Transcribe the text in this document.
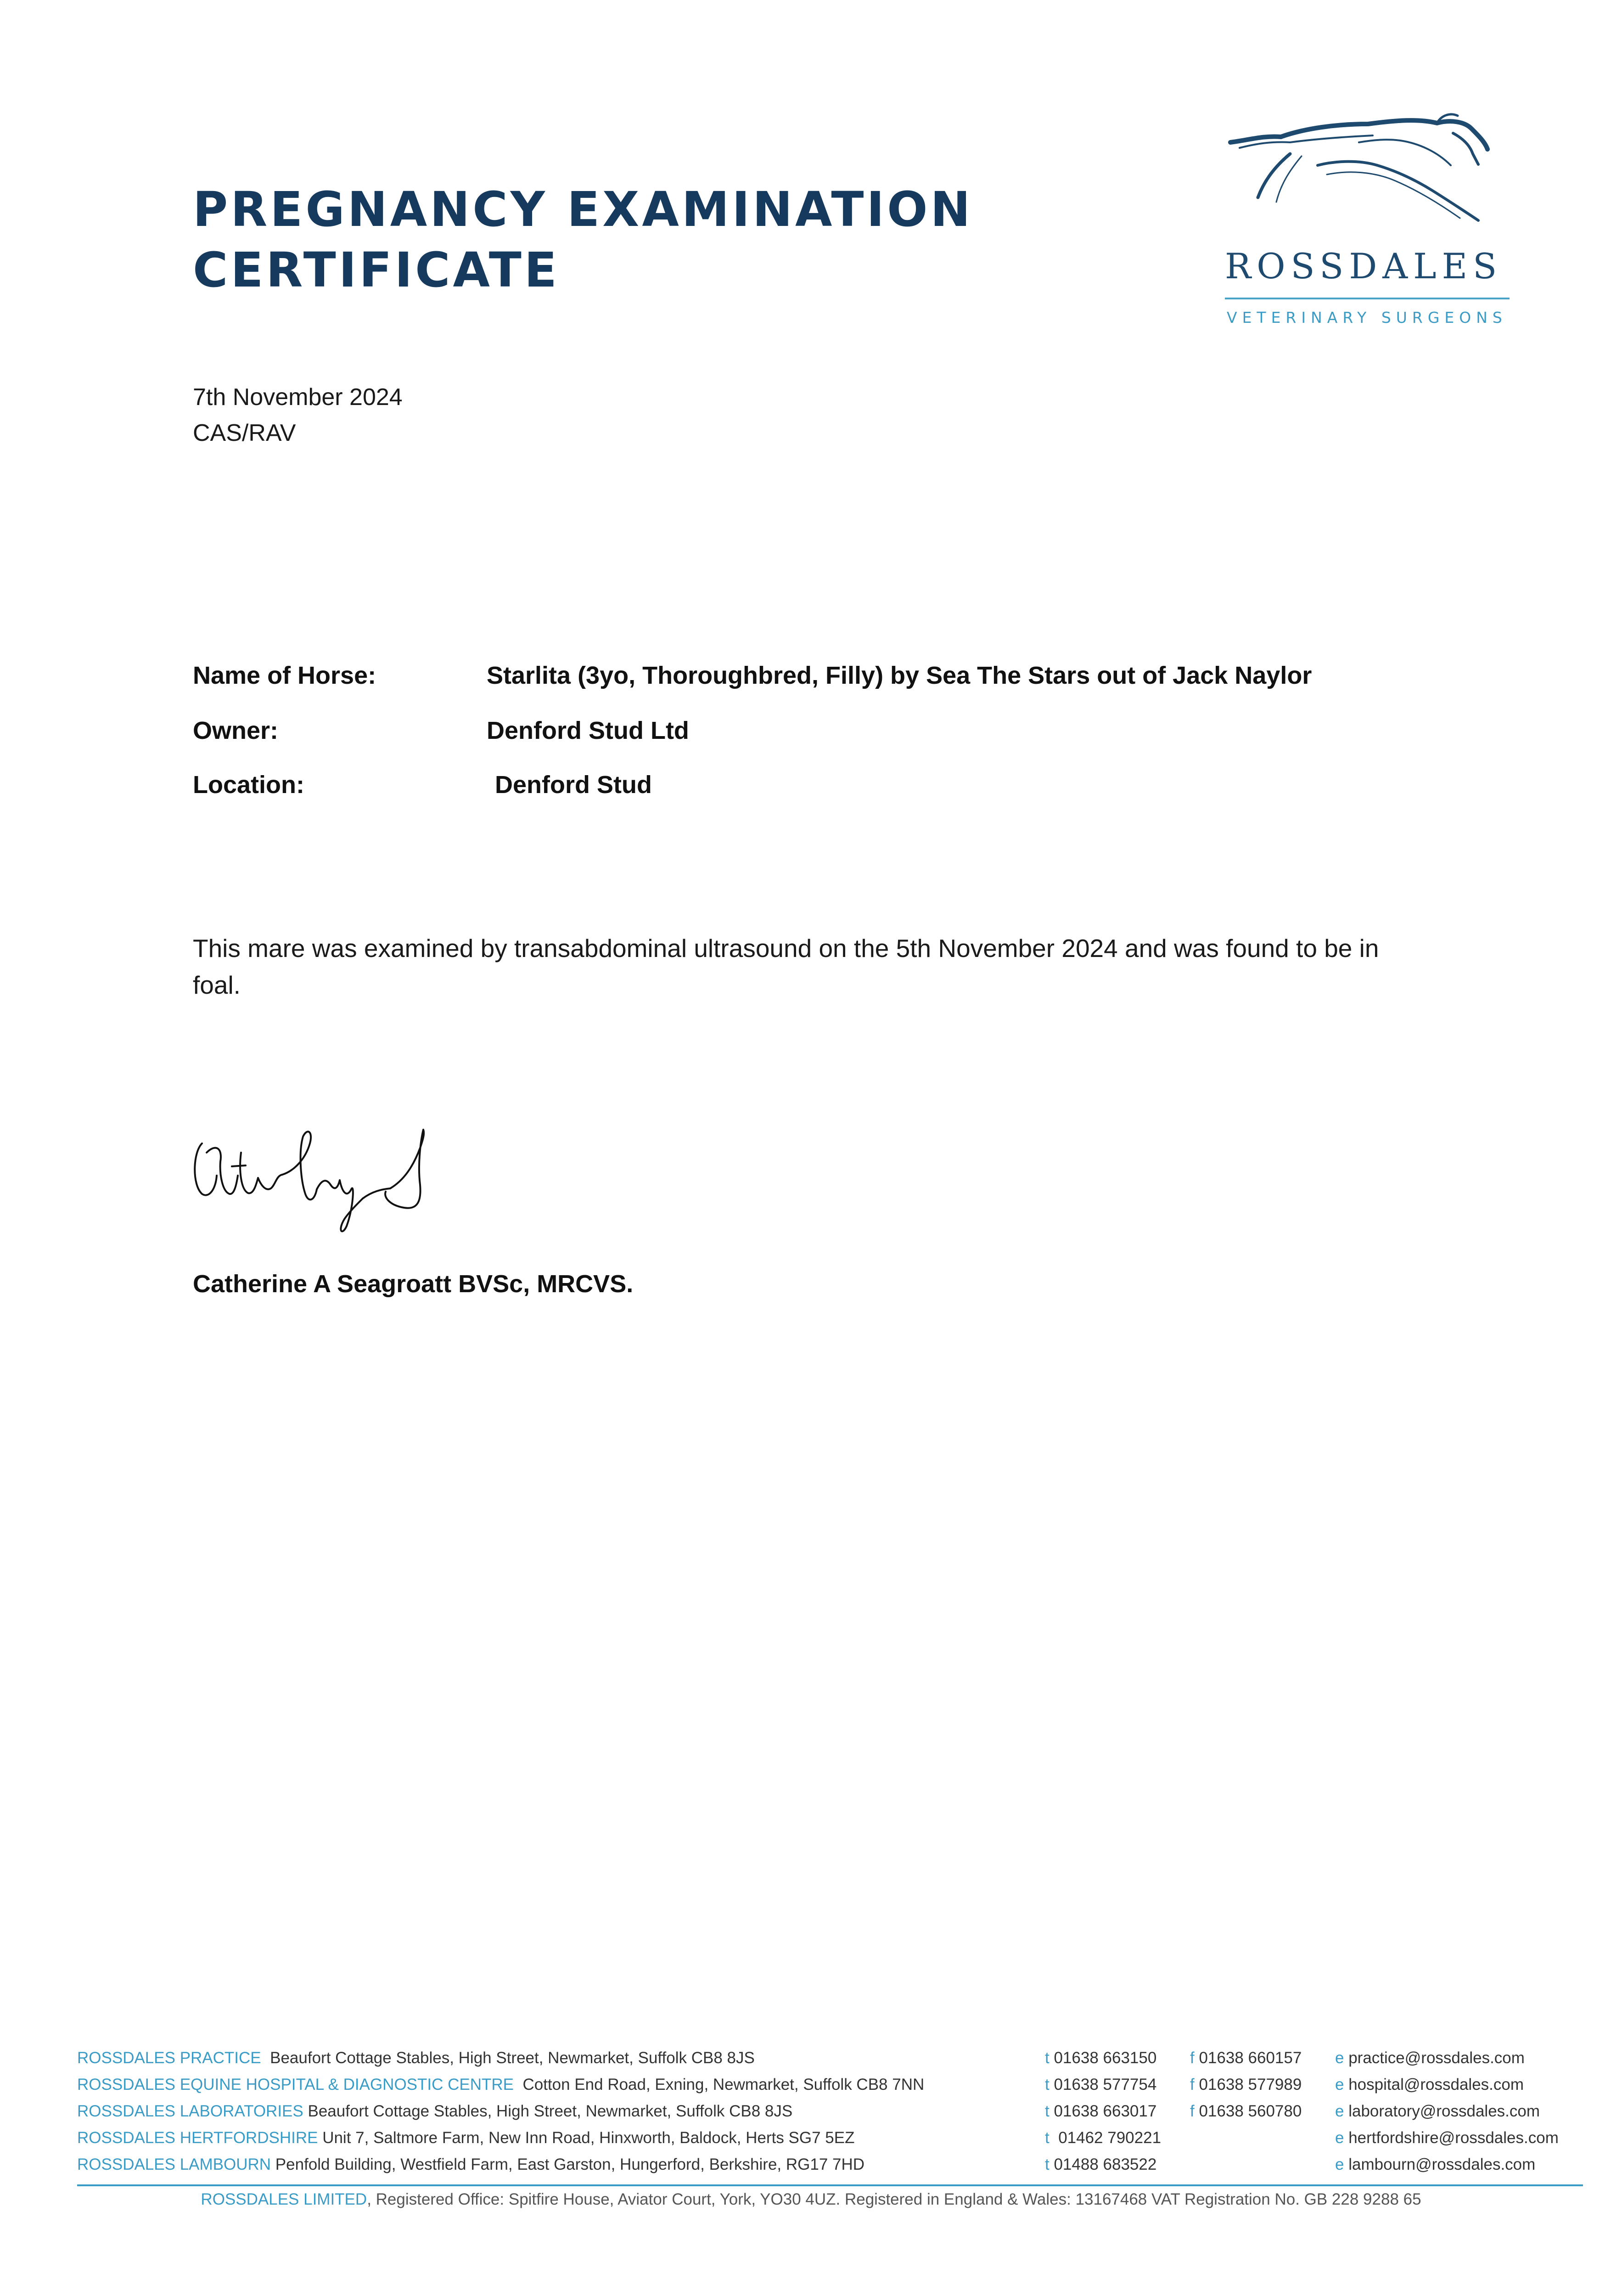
PREGNANCY EXAMINATION
CERTIFICATE	ROSSDALES
VETERINARY SURGEONS
7th November 2024
CAS/RAV
Name of Horse:	Starlita (3yo, Thoroughbred, Filly) by Sea The Stars out of Jack Naylor
Owner:	Denford Stud Ltd
Location:	Denford Stud
This mare was examined by transabdominal ultrasound on the 5th November 2024 and was found to be in foal.
Catherine A Seagroatt BVSc, MRCVS.
ROSSDALES PRACTICE Beaufort Cottage Stables, High Street, Newmarket, Suffolk CB8 8JS	t 01638 663150 f 01638 660157 e practice@rossdales.com
ROSSDALES EQUINE HOSPITAL & DIAGNOSTIC CENTRE Cotton End Road, Exning, Newmarket, Suffolk CB8 7NN	t 01638 577754 f 01638 577989 e hospital@rossdales.com
ROSSDALES LABORATORIES Beaufort Cottage Stables, High Street, Newmarket, Suffolk CB8 8JS	t 01638 663017 f 01638 560780 e laboratory@rossdales.com
ROSSDALES HERTFORDSHIRE Unit 7, Saltmore Farm, New Inn Road, Hinxworth, Baldock, Herts SG7 5EZ	t 01462 790221	e hertfordshire@rossdales.com
ROSSDALES LAMBOURN Penfold Building, Westfield Farm, East Garston, Hungerford, Berkshire, RG17 7HD	t 01488 683522	e lambourn@rossdales.com
ROSSDALES LIMITED, Registered Office: Spitfire House, Aviator Court, York, YO30 4UZ. Registered in England & Wales: 13167468 VAT Registration No. GB 228 9288 65
